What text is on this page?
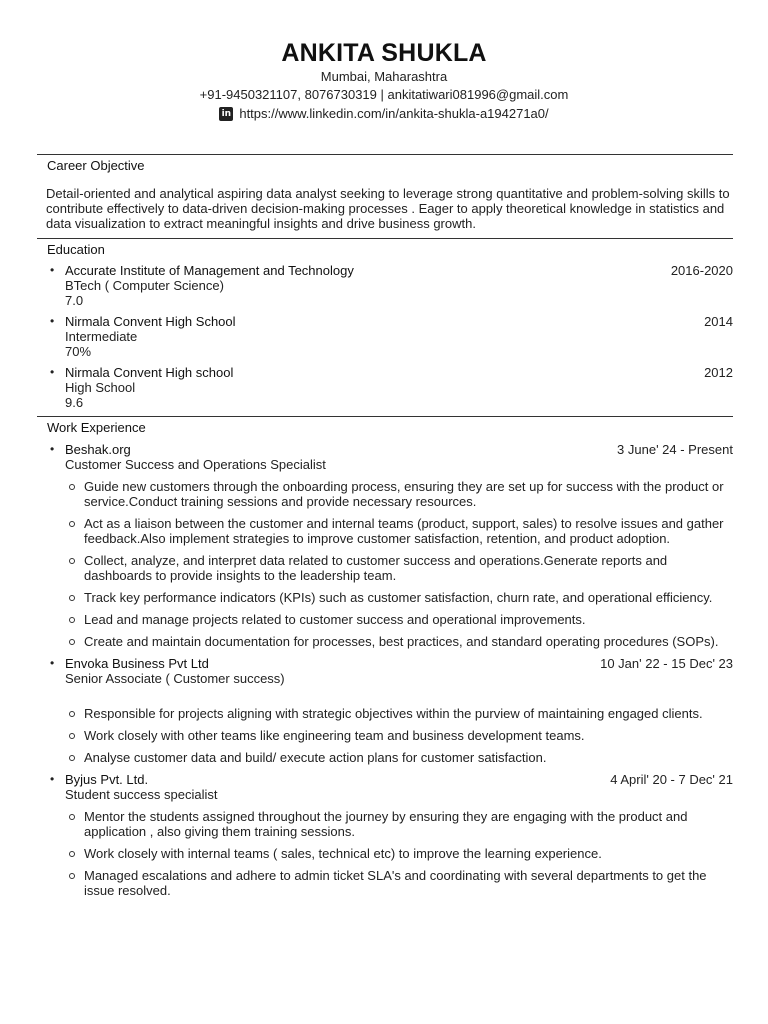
ANKITA SHUKLA
Mumbai, Maharashtra
+91-9450321107, 8076730319 | ankitatiwari081996@gmail.com
in https://www.linkedin.com/in/ankita-shukla-a194271a0/
Career Objective
Detail-oriented and analytical aspiring data analyst seeking to leverage strong quantitative and problem-solving skills to contribute effectively to data-driven decision-making processes . Eager to apply theoretical knowledge in statistics and data visualization to extract meaningful insights and drive business growth.
Education
• Accurate Institute of Management and Technology	2016-2020
BTech ( Computer Science)
7.0
• Nirmala Convent High School	2014
Intermediate
70%
• Nirmala Convent High school	2012
High School
9.6
Work Experience
• Beshak.org	3 June' 24 - Present
Customer Success and Operations Specialist
Guide new customers through the onboarding process, ensuring they are set up for success with the product or service.Conduct training sessions and provide necessary resources.
Act as a liaison between the customer and internal teams (product, support, sales) to resolve issues and gather feedback.Also implement strategies to improve customer satisfaction, retention, and product adoption.
Collect, analyze, and interpret data related to customer success and operations.Generate reports and dashboards to provide insights to the leadership team.
Track key performance indicators (KPIs) such as customer satisfaction, churn rate, and operational efficiency.
Lead and manage projects related to customer success and operational improvements.
Create and maintain documentation for processes, best practices, and standard operating procedures (SOPs).
• Envoka Business Pvt Ltd	10 Jan' 22 - 15 Dec' 23
Senior Associate ( Customer success)
Responsible for projects aligning with strategic objectives within the purview of maintaining engaged clients.
Work closely with other teams like engineering team and business development teams.
Analyse customer data and build/ execute action plans for customer satisfaction.
• Byjus Pvt. Ltd.	4 April' 20 - 7 Dec' 21
Student success specialist
Mentor the students assigned throughout the journey by ensuring they are engaging with the product and application , also giving them training sessions.
Work closely with internal teams ( sales, technical etc) to improve the learning experience.
Managed escalations and adhere to admin ticket SLA's and coordinating with several departments to get the issue resolved.
